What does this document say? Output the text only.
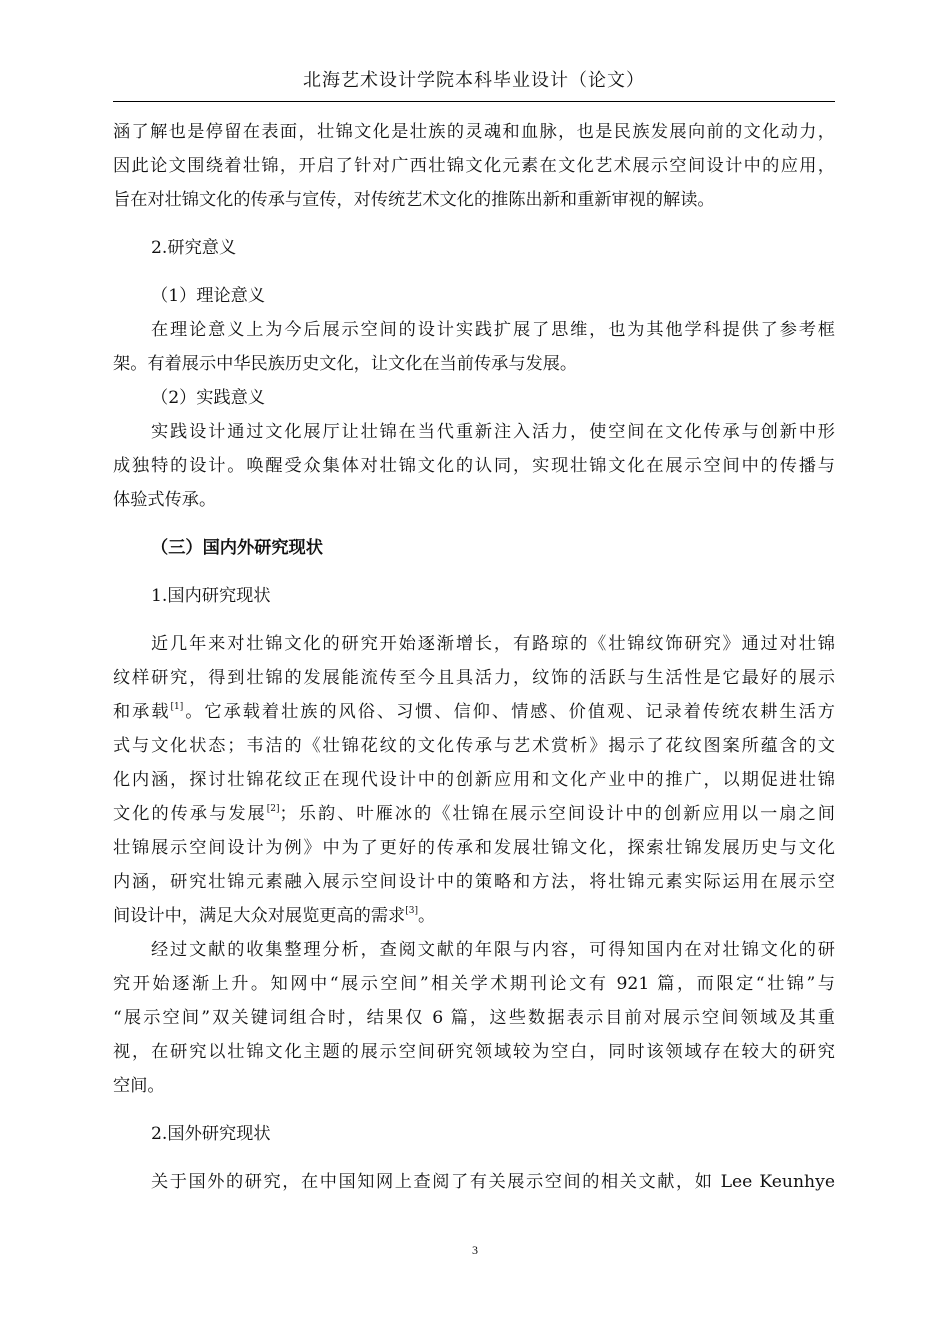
北海艺术设计学院本科毕业设计（论文）
涵了解也是停留在表面，壮锦文化是壮族的灵魂和血脉，也是民族发展向前的文化动力，
因此论文围绕着壮锦，开启了针对广西壮锦文化元素在文化艺术展示空间设计中的应用，
旨在对壮锦文化的传承与宣传，对传统艺术文化的推陈出新和重新审视的解读。
2.研究意义
（1）理论意义
在理论意义上为今后展示空间的设计实践扩展了思维，也为其他学科提供了参考框
架。有着展示中华民族历史文化，让文化在当前传承与发展。
（2）实践意义
实践设计通过文化展厅让壮锦在当代重新注入活力，使空间在文化传承与创新中形
成独特的设计。唤醒受众集体对壮锦文化的认同，实现壮锦文化在展示空间中的传播与
体验式传承。
（三）国内外研究现状
1.国内研究现状
近几年来对壮锦文化的研究开始逐渐增长，有路琼的《壮锦纹饰研究》通过对壮锦
纹样研究，得到壮锦的发展能流传至今且具活力，纹饰的活跃与生活性是它最好的展示
和承载[1]。它承载着壮族的风俗、习惯、信仰、情感、价值观、记录着传统农耕生活方
式与文化状态；韦洁的《壮锦花纹的文化传承与艺术赏析》揭示了花纹图案所蕴含的文
化内涵，探讨壮锦花纹正在现代设计中的创新应用和文化产业中的推广，以期促进壮锦
文化的传承与发展[2]；乐韵、叶雁冰的《壮锦在展示空间设计中的创新应用以一扇之间
壮锦展示空间设计为例》中为了更好的传承和发展壮锦文化，探索壮锦发展历史与文化
内涵，研究壮锦元素融入展示空间设计中的策略和方法，将壮锦元素实际运用在展示空
间设计中，满足大众对展览更高的需求[3]。
经过文献的收集整理分析，查阅文献的年限与内容，可得知国内在对壮锦文化的研
究开始逐渐上升。知网中“展示空间”相关学术期刊论文有 921 篇，而限定“壮锦”与
“展示空间”双关键词组合时，结果仅 6 篇，这些数据表示目前对展示空间领域及其重
视，在研究以壮锦文化主题的展示空间研究领域较为空白，同时该领域存在较大的研究
空间。
2.国外研究现状
关于国外的研究，在中国知网上查阅了有关展示空间的相关文献，如 Lee Keunhye
3
